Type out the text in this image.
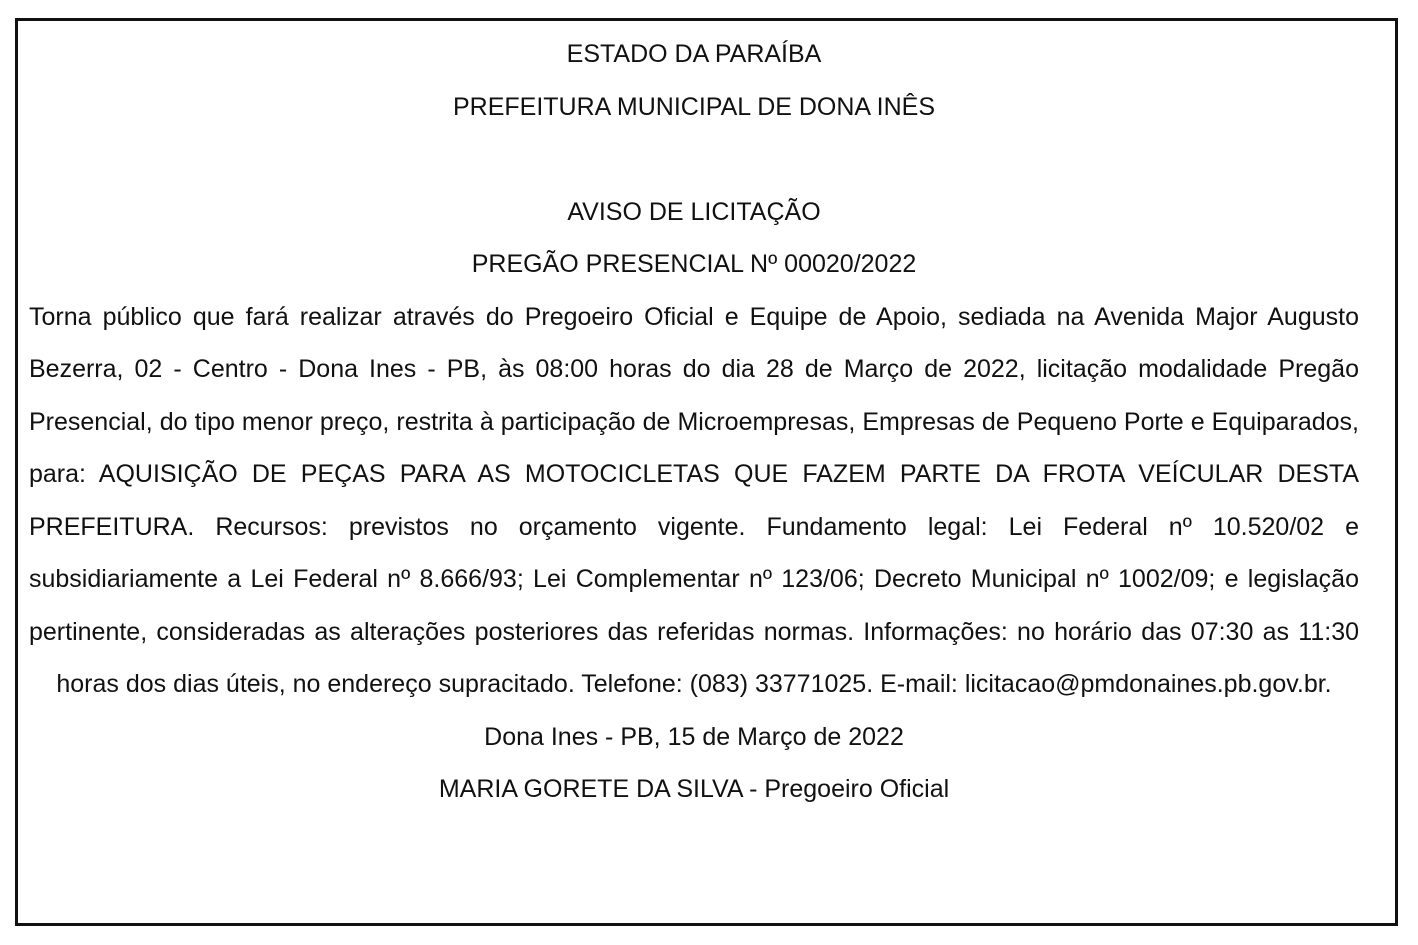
ESTADO DA PARAÍBA

PREFEITURA MUNICIPAL DE DONA INÊS

AVISO DE LICITAÇÃO

PREGÃO PRESENCIAL Nº 00020/2022

Torna público que fará realizar através do Pregoeiro Oficial e Equipe de Apoio, sediada na Avenida Major Augusto Bezerra, 02 - Centro - Dona Ines - PB, às 08:00 horas do dia 28 de Março de 2022, licitação modalidade Pregão Presencial, do tipo menor preço, restrita à participação de Microempresas, Empresas de Pequeno Porte e Equiparados, para: AQUISIÇÃO DE PEÇAS PARA AS MOTOCICLETAS QUE FAZEM PARTE DA FROTA VEÍCULAR DESTA PREFEITURA. Recursos: previstos no orçamento vigente. Fundamento legal: Lei Federal nº 10.520/02 e subsidiariamente a Lei Federal nº 8.666/93; Lei Complementar nº 123/06; Decreto Municipal nº 1002/09; e legislação pertinente, consideradas as alterações posteriores das referidas normas. Informações: no horário das 07:30 as 11:30 horas dos dias úteis, no endereço supracitado. Telefone: (083) 33771025. E-mail: licitacao@pmdonaines.pb.gov.br.

Dona Ines - PB, 15 de Março de 2022

MARIA GORETE DA SILVA - Pregoeiro Oficial
